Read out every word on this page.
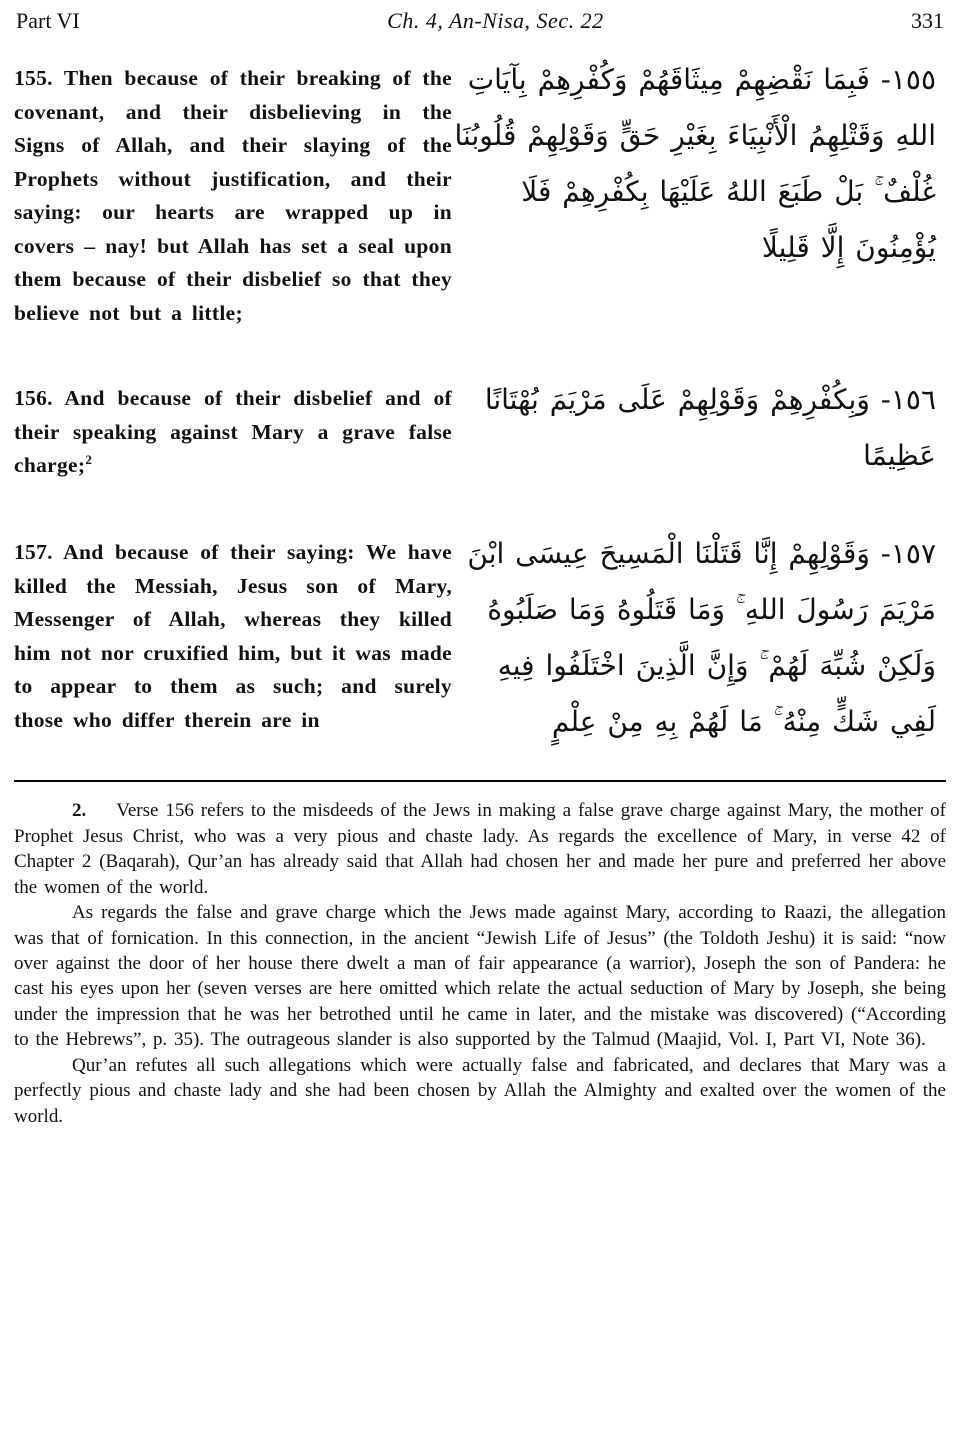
Part VI	Ch. 4, An-Nisa, Sec. 22	331
155. Then because of their breaking of the covenant, and their disbelieving in the Signs of Allah, and their slaying of the Prophets without justification, and their saying: our hearts are wrapped up in covers – nay! but Allah has set a seal upon them because of their disbelief so that they believe not but a little;
١٥٥- فَبِمَا نَقْضِهِمْ مِيثَاقَهُمْ وَكُفْرِهِمْ بِآيَاتِ اللهِ وَقَتْلِهِمُ الْأَنْبِيَاءَ بِغَيْرِ حَقٍّ وَقَوْلِهِمْ قُلُوبُنَا غُلْفٌ ۚ بَلْ طَبَعَ اللهُ عَلَيْهَا بِكُفْرِهِمْ فَلَا يُؤْمِنُونَ إِلَّا قَلِيلًا
156. And because of their disbelief and of their speaking against Mary a grave false charge;$^2$
١٥٦- وَبِكُفْرِهِمْ وَقَوْلِهِمْ عَلَى مَرْيَمَ بُهْتَانًا عَظِيمًا
157. And because of their saying: We have killed the Messiah, Jesus son of Mary, Messenger of Allah, whereas they killed him not nor cruxified him, but it was made to appear to them as such; and surely those who differ therein are in
١٥٧- وَقَوْلِهِمْ إِنَّا قَتَلْنَا الْمَسِيحَ عِيسَى ابْنَ مَرْيَمَ رَسُولَ اللهِ ۚ وَمَا قَتَلُوهُ وَمَا صَلَبُوهُ وَلَكِنْ شُبِّهَ لَهُمْ ۚ وَإِنَّ الَّذِينَ اخْتَلَفُوا فِيهِ لَفِي شَكٍّ مِنْهُ ۚ مَا لَهُمْ بِهِ مِنْ عِلْمٍ

2. Verse 156 refers to the misdeeds of the Jews in making a false grave charge against Mary, the mother of Prophet Jesus Christ, who was a very pious and chaste lady. As regards the excellence of Mary, in verse 42 of Chapter 2 (Baqarah), Qur’an has already said that Allah had chosen her and made her pure and preferred her above the women of the world.

As regards the false and grave charge which the Jews made against Mary, according to Raazi, the allegation was that of fornication. In this connection, in the ancient “Jewish Life of Jesus” (the Toldoth Jeshu) it is said: “now over against the door of her house there dwelt a man of fair appearance (a warrior), Joseph the son of Pandera: he cast his eyes upon her (seven verses are here omitted which relate the actual seduction of Mary by Joseph, she being under the impression that he was her betrothed until he came in later, and the mistake was discovered) (“According to the Hebrews”, p. 35). The outrageous slander is also supported by the Talmud (Maajid, Vol. I, Part VI, Note 36).

Qur’an refutes all such allegations which were actually false and fabricated, and declares that Mary was a perfectly pious and chaste lady and she had been chosen by Allah the Almighty and exalted over the women of the world.
